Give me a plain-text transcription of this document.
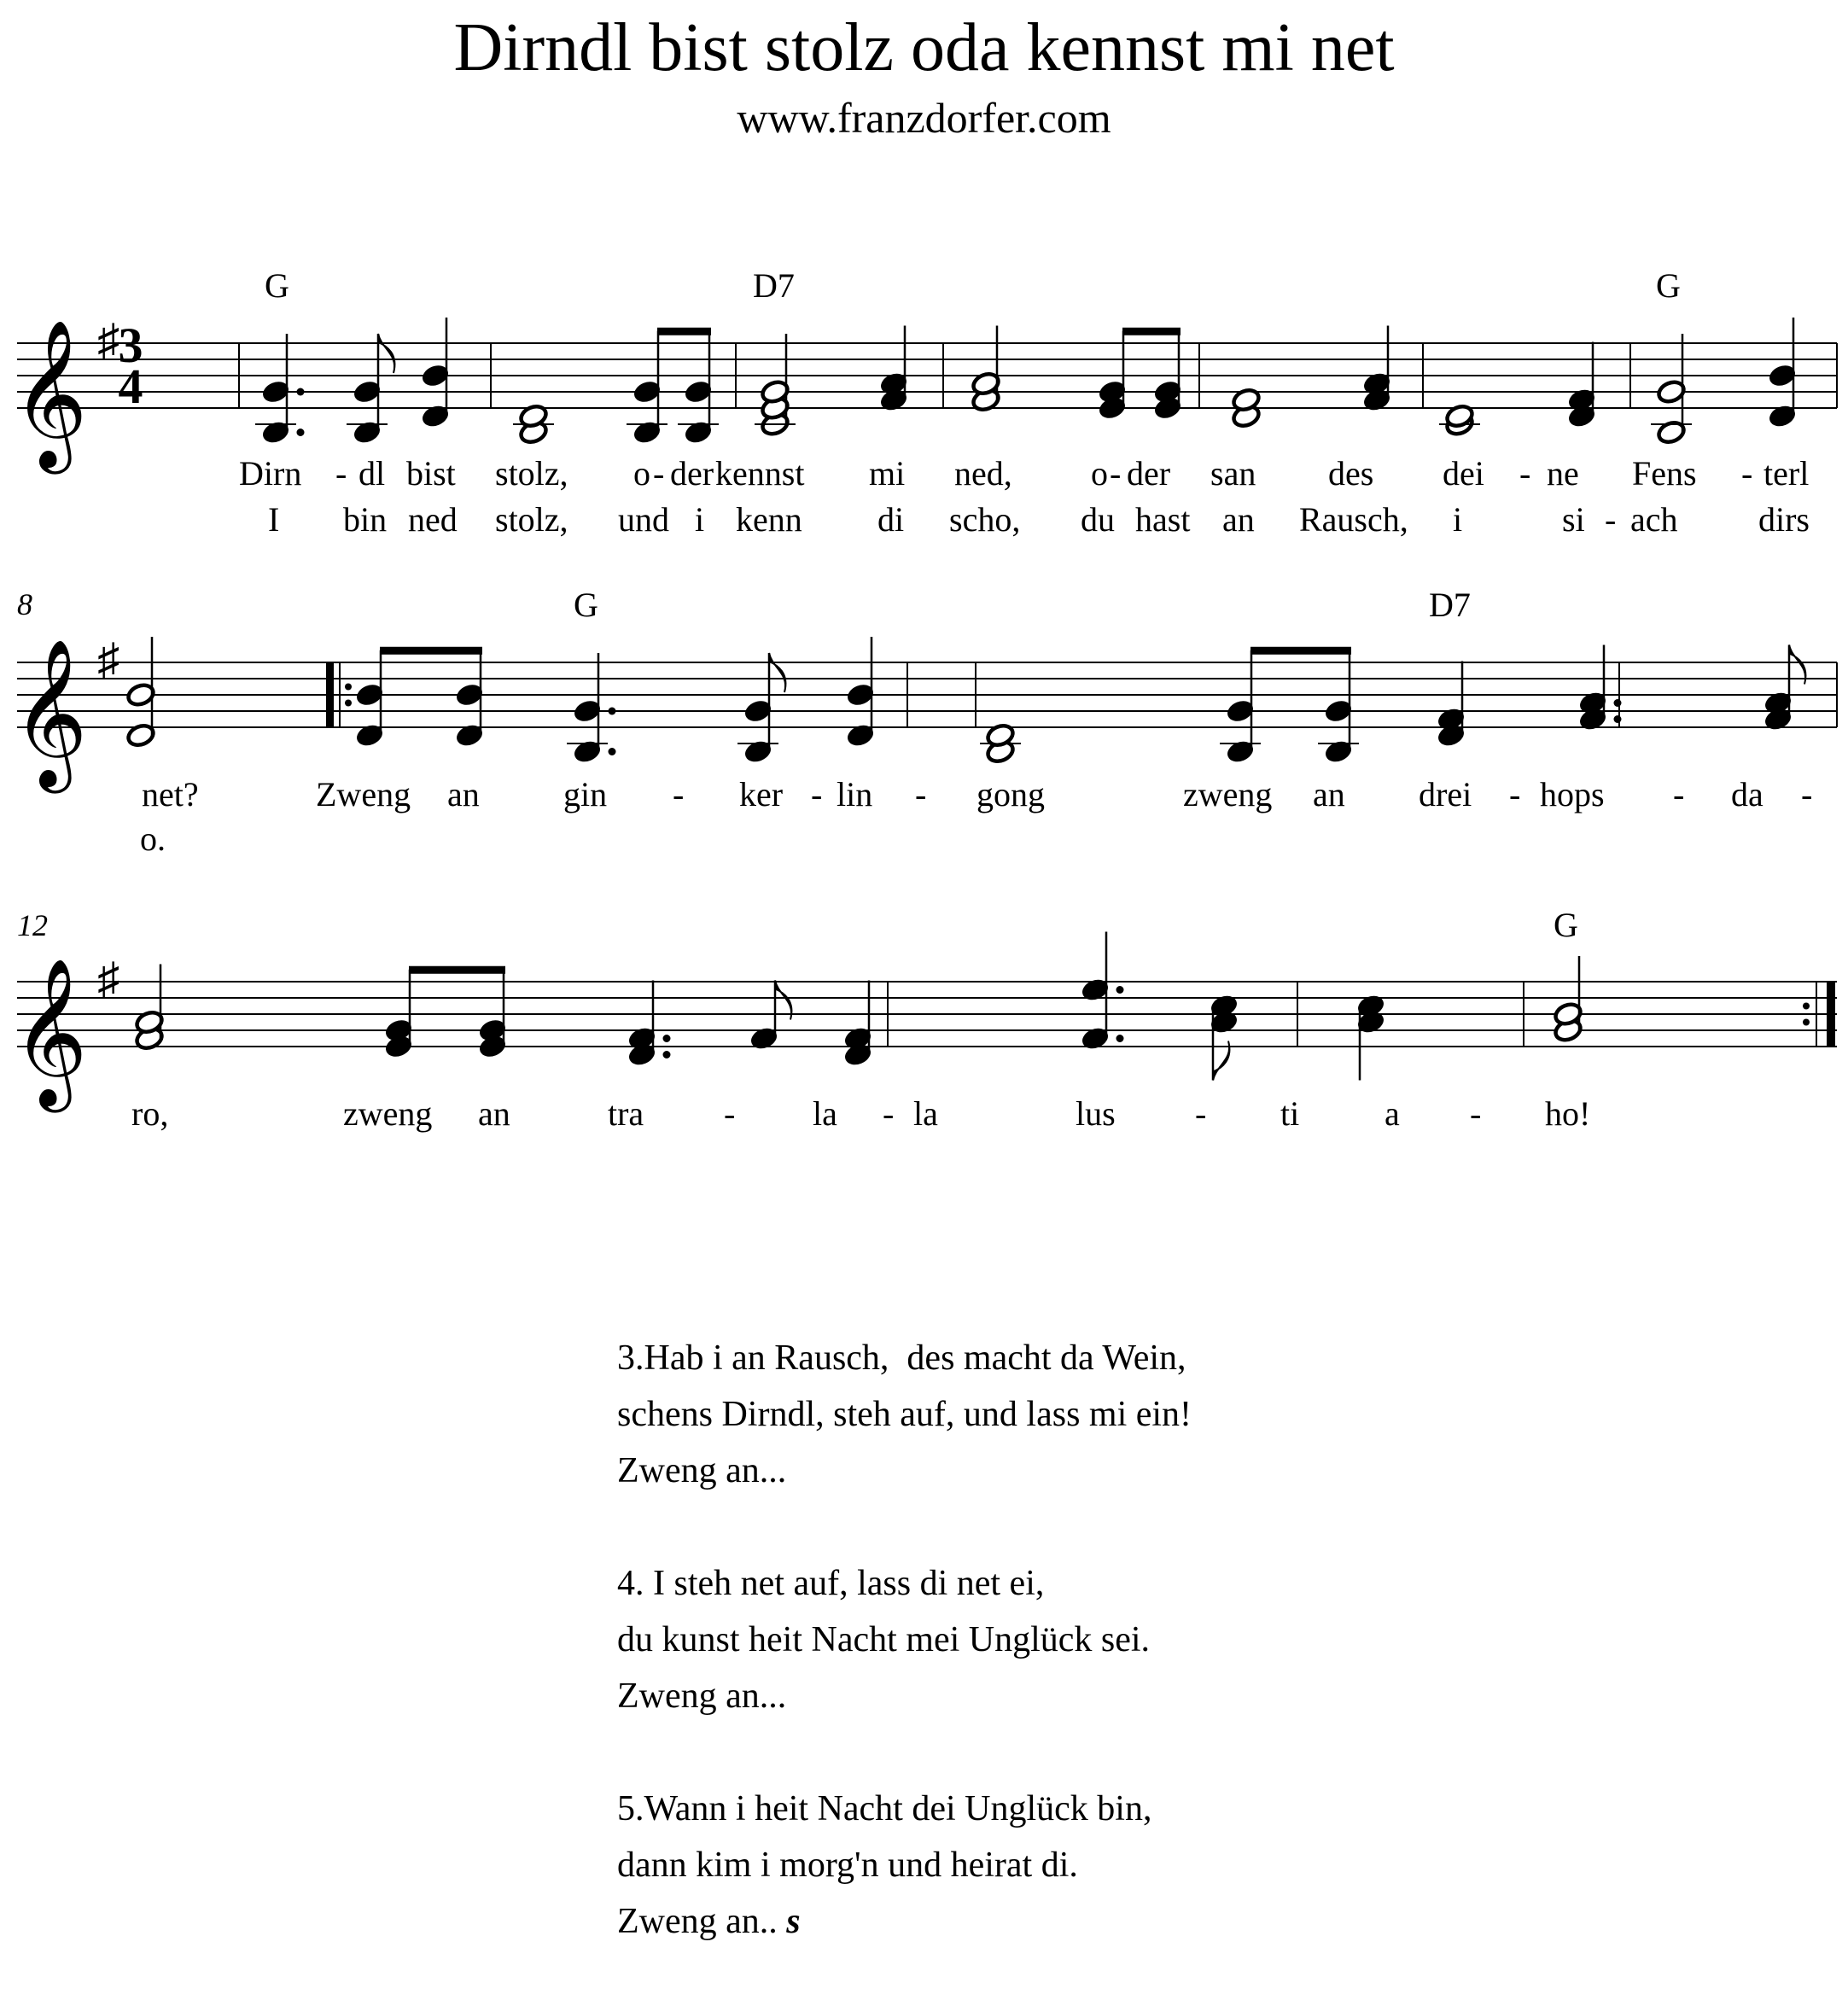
Dirndl bist stolz oda kennst mi net
www.franzdorfer.com
𝄞 ♯
𝄞 ♯
𝄞 ♯
3
4
8
12
G	D7	G
G	D7
G
Dirn - dl bist stolz, o - der kennst mi ned, o - der san des dei - ne Fens - terl
I bin ned stolz, und i kenn di scho, du hast an Rausch, i	si - ach dirs
net?	Zweng an gin - ker - lin - gong	zweng an drei - hops - da -
o.
ro,	zweng an	tra - la - la	lus - ti a - ho!
3.Hab i an Rausch,  des macht da Wein,
schens Dirndl, steh auf, und lass mi ein!
Zweng an...
4. I steh net auf, lass di net ei,
du kunst heit Nacht mei Unglück sei.
Zweng an...
5.Wann i heit Nacht dei Unglück bin,
dann kim i morg'n und heirat di.
Zweng an.. s
